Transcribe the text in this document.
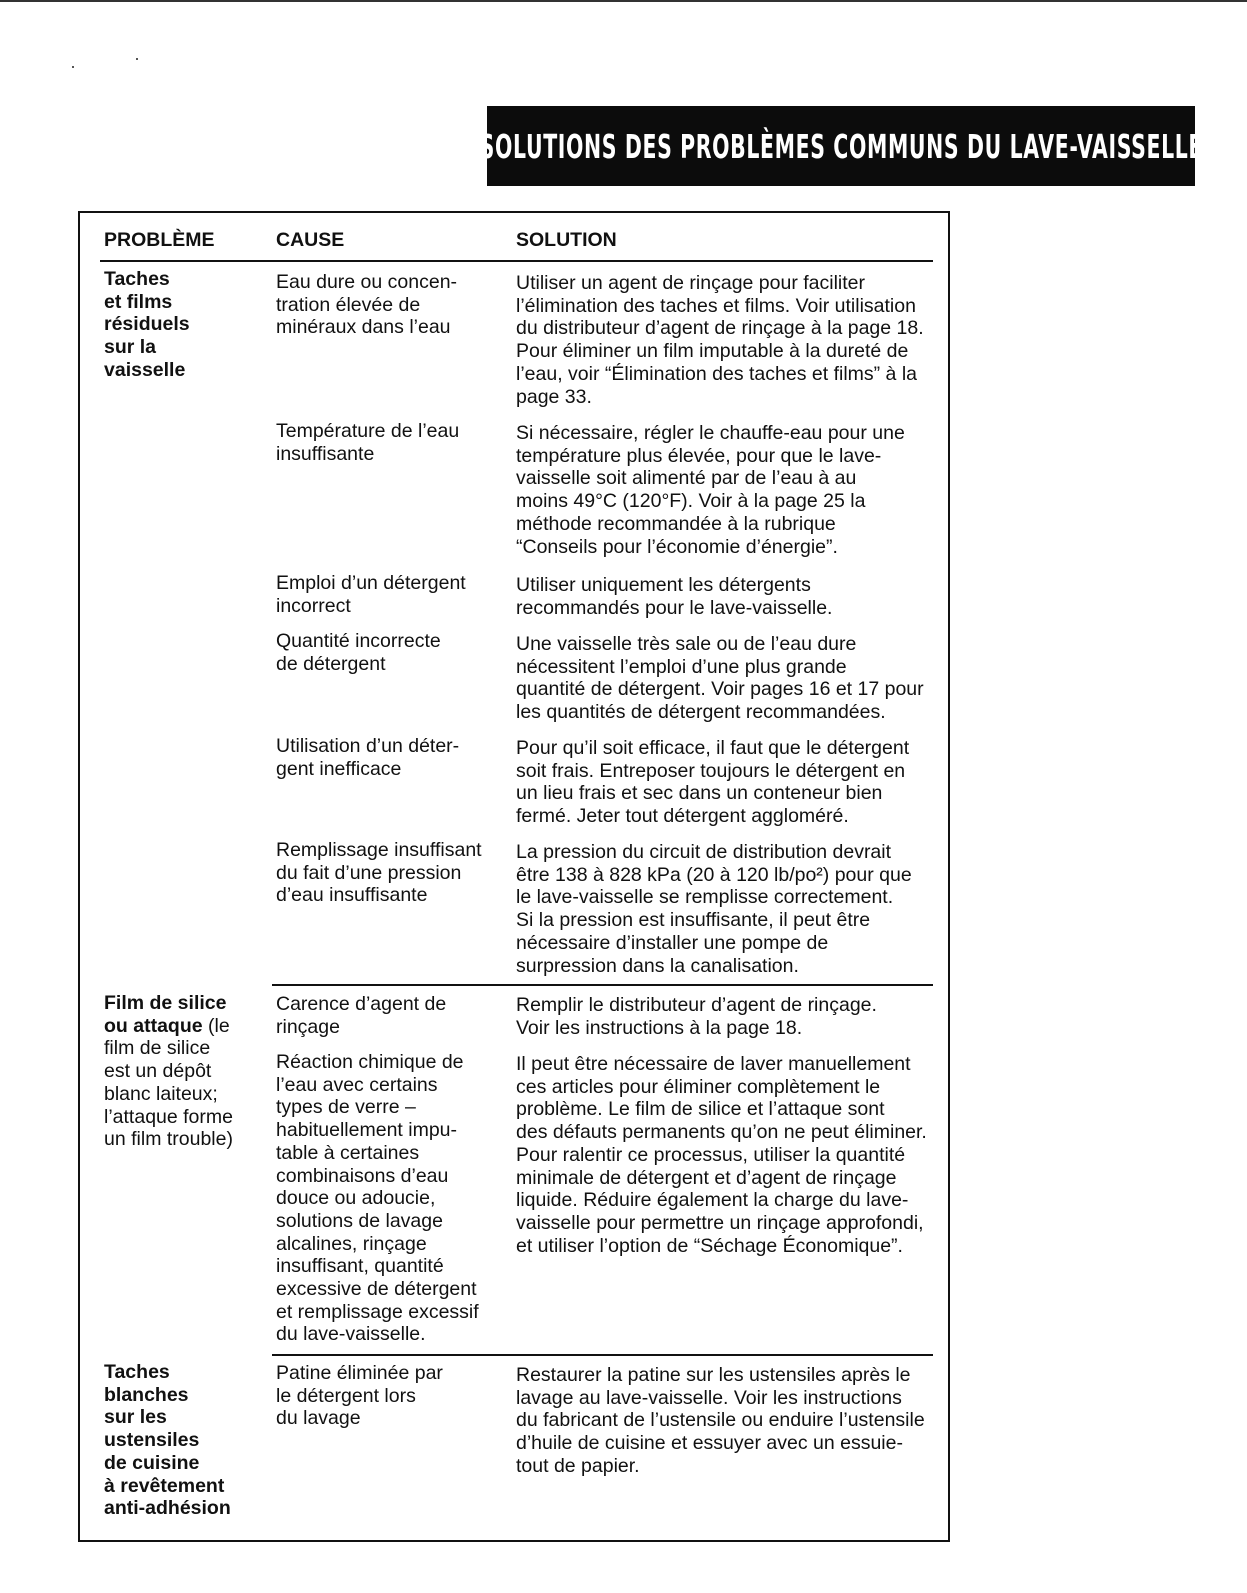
SOLUTIONS DES PROBLÈMES COMMUNS DU LAVE-VAISSELLE
PROBLÈME	CAUSE	SOLUTION
Taches
et films
résiduels
sur la
vaisselle
Eau dure ou concen-
tration élevée de
minéraux dans l’eau
Utiliser un agent de rinçage pour faciliter
l’élimination des taches et films. Voir utilisation
du distributeur d’agent de rinçage à la page 18.
Pour éliminer un film imputable à la dureté de
l’eau, voir “Élimination des taches et films” à la
page 33.
Température de l’eau
insuffisante
Si nécessaire, régler le chauffe-eau pour une
température plus élevée, pour que le lave-
vaisselle soit alimenté par de l’eau à au
moins 49°C (120°F). Voir à la page 25 la
méthode recommandée à la rubrique
“Conseils pour l’économie d’énergie”.
Emploi d’un détergent
incorrect
Utiliser uniquement les détergents
recommandés pour le lave-vaisselle.
Quantité incorrecte
de détergent
Une vaisselle très sale ou de l’eau dure
nécessitent l’emploi d’une plus grande
quantité de détergent. Voir pages 16 et 17 pour
les quantités de détergent recommandées.
Utilisation d’un déter-
gent inefficace
Pour qu’il soit efficace, il faut que le détergent
soit frais. Entreposer toujours le détergent en
un lieu frais et sec dans un conteneur bien
fermé. Jeter tout détergent aggloméré.
Remplissage insuffisant
du fait d’une pression
d’eau insuffisante
La pression du circuit de distribution devrait
être 138 à 828 kPa (20 à 120 lb/po²) pour que
le lave-vaisselle se remplisse correctement.
Si la pression est insuffisante, il peut être
nécessaire d’installer une pompe de
surpression dans la canalisation.
Film de silice
ou attaque (le
film de silice
est un dépôt
blanc laiteux;
l’attaque forme
un film trouble)
Carence d’agent de
rinçage
Remplir le distributeur d’agent de rinçage.
Voir les instructions à la page 18.
Réaction chimique de
l’eau avec certains
types de verre –
habituellement impu-
table à certaines
combinaisons d’eau
douce ou adoucie,
solutions de lavage
alcalines, rinçage
insuffisant, quantité
excessive de détergent
et remplissage excessif
du lave-vaisselle.
Il peut être nécessaire de laver manuellement
ces articles pour éliminer complètement le
problème. Le film de silice et l’attaque sont
des défauts permanents qu’on ne peut éliminer.
Pour ralentir ce processus, utiliser la quantité
minimale de détergent et d’agent de rinçage
liquide. Réduire également la charge du lave-
vaisselle pour permettre un rinçage approfondi,
et utiliser l’option de “Séchage Économique”.
Taches
blanches
sur les
ustensiles
de cuisine
à revêtement
anti-adhésion
Patine éliminée par
le détergent lors
du lavage
Restaurer la patine sur les ustensiles après le
lavage au lave-vaisselle. Voir les instructions
du fabricant de l’ustensile ou enduire l’ustensile
d’huile de cuisine et essuyer avec un essuie-
tout de papier.
